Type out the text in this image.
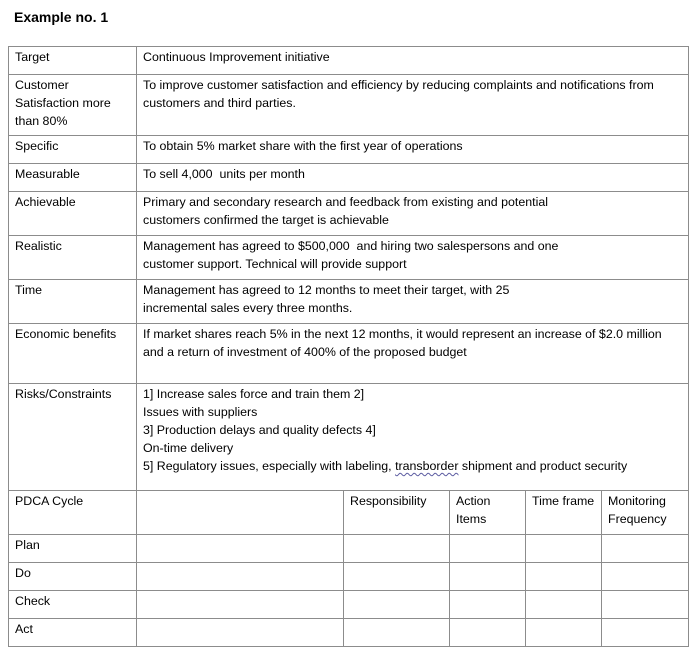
Example no. 1
Target	Continuous Improvement initiative				

Customer Satisfaction more than 80%	To improve customer satisfaction and efficiency by reducing complaints and notifications from customers and third parties.				
Specific	To obtain 5% market share with the first year of operations				
Measurable	To sell 4,000  units per month				
Achievable	Primary and secondary research and feedback from existing and potential customers confirmed the target is achievable				

Realistic	Management has agreed to $500,000  and hiring two salespersons and one customer support. Technical will provide support				

Time	Management has agreed to 12 months to meet their target, with 25 incremental sales every three months.				

Economic benefits	If market shares reach 5% in the next 12 months, it would represent an increase of $2.0 million and a return of investment of 400% of the proposed budget				
Risks/Constraints	1] Increase sales force and train them 2]
Issues with suppliers
3] Production delays and quality defects 4]
On-time delivery
5] Regulatory issues, especially with labeling, transborder shipment and product security				

PDCA Cycle		Responsibility	Action Items	Time frame	Monitoring Frequency
Plan					
Do					
Check					
Act					
